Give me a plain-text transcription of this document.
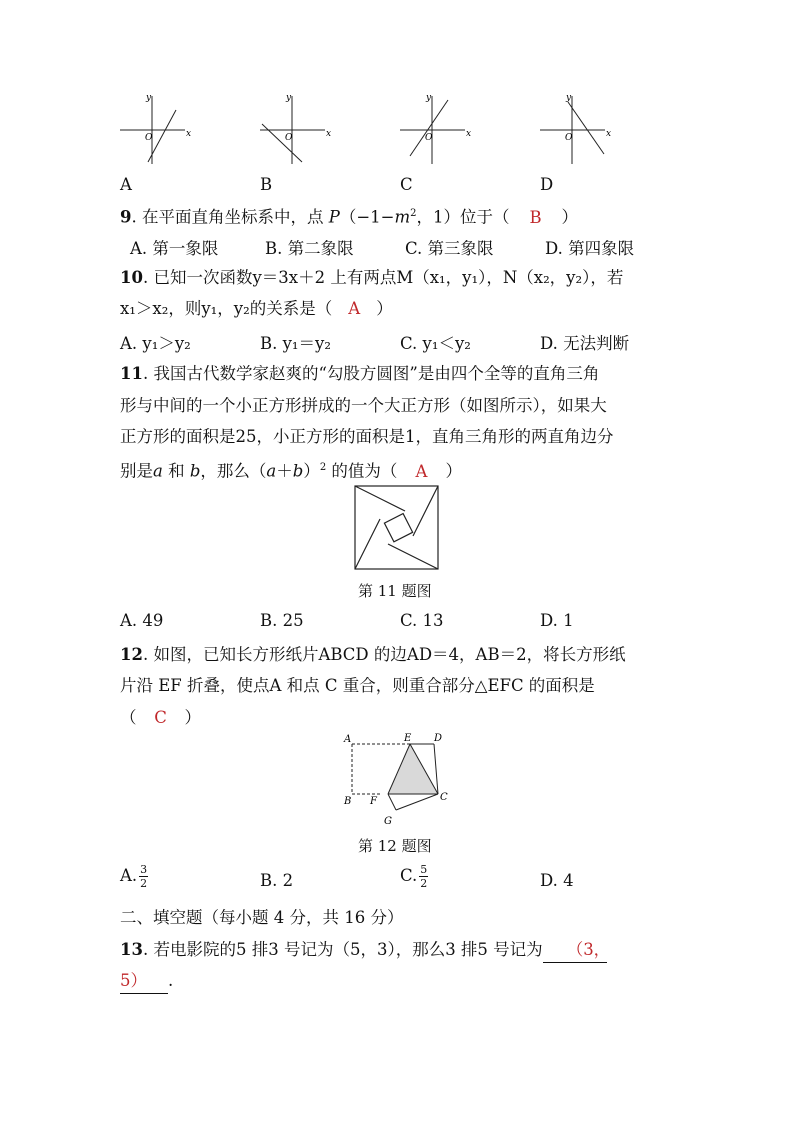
y
x
O
y
x
O
y
x
O
y
x
O
A	B	C	D
9. 在平面直角坐标系中，点 $P(-1-m^2$，1）位于（ B ）
A. 第一象限	B. 第二象限	C. 第三象限	D. 第四象限
10. 已知一次函数y＝3x＋2 上有两点M（x₁，y₁），N（x₂，y₂），若
x₁＞x₂，则y₁，y₂的关系是（ A ）
A. y₁＞y₂	B. y₁＝y₂	C. y₁＜y₂	D. 无法判断
11. 我国古代数学家赵爽的“勾股方圆图”是由四个全等的直角三角
形与中间的一个小正方形拼成的一个大正方形（如图所示），如果大
正方形的面积是25，小正方形的面积是1，直角三角形的两直角边分
别是a 和 b，那么$(a+b)^2$ 的值为（ A ）
第 11 题图
A. 49	B. 25	C. 13	D. 1
12. 如图，已知长方形纸片ABCD 的边AD＝4，AB＝2，将长方形纸
片沿 EF 折叠，使点A 和点 C 重合，则重合部分△EFC 的面积是
（ C ）
A	E D
B F	C
G
第 12 题图
A. $\frac{3}{2}$	B. 2	C. $\frac{5}{2}$	D. 4
二、填空题（每小题 4 分，共 16 分）
13. 若电影院的5 排3 号记为（5，3），那么3 排5 号记为 （3，
5） .
